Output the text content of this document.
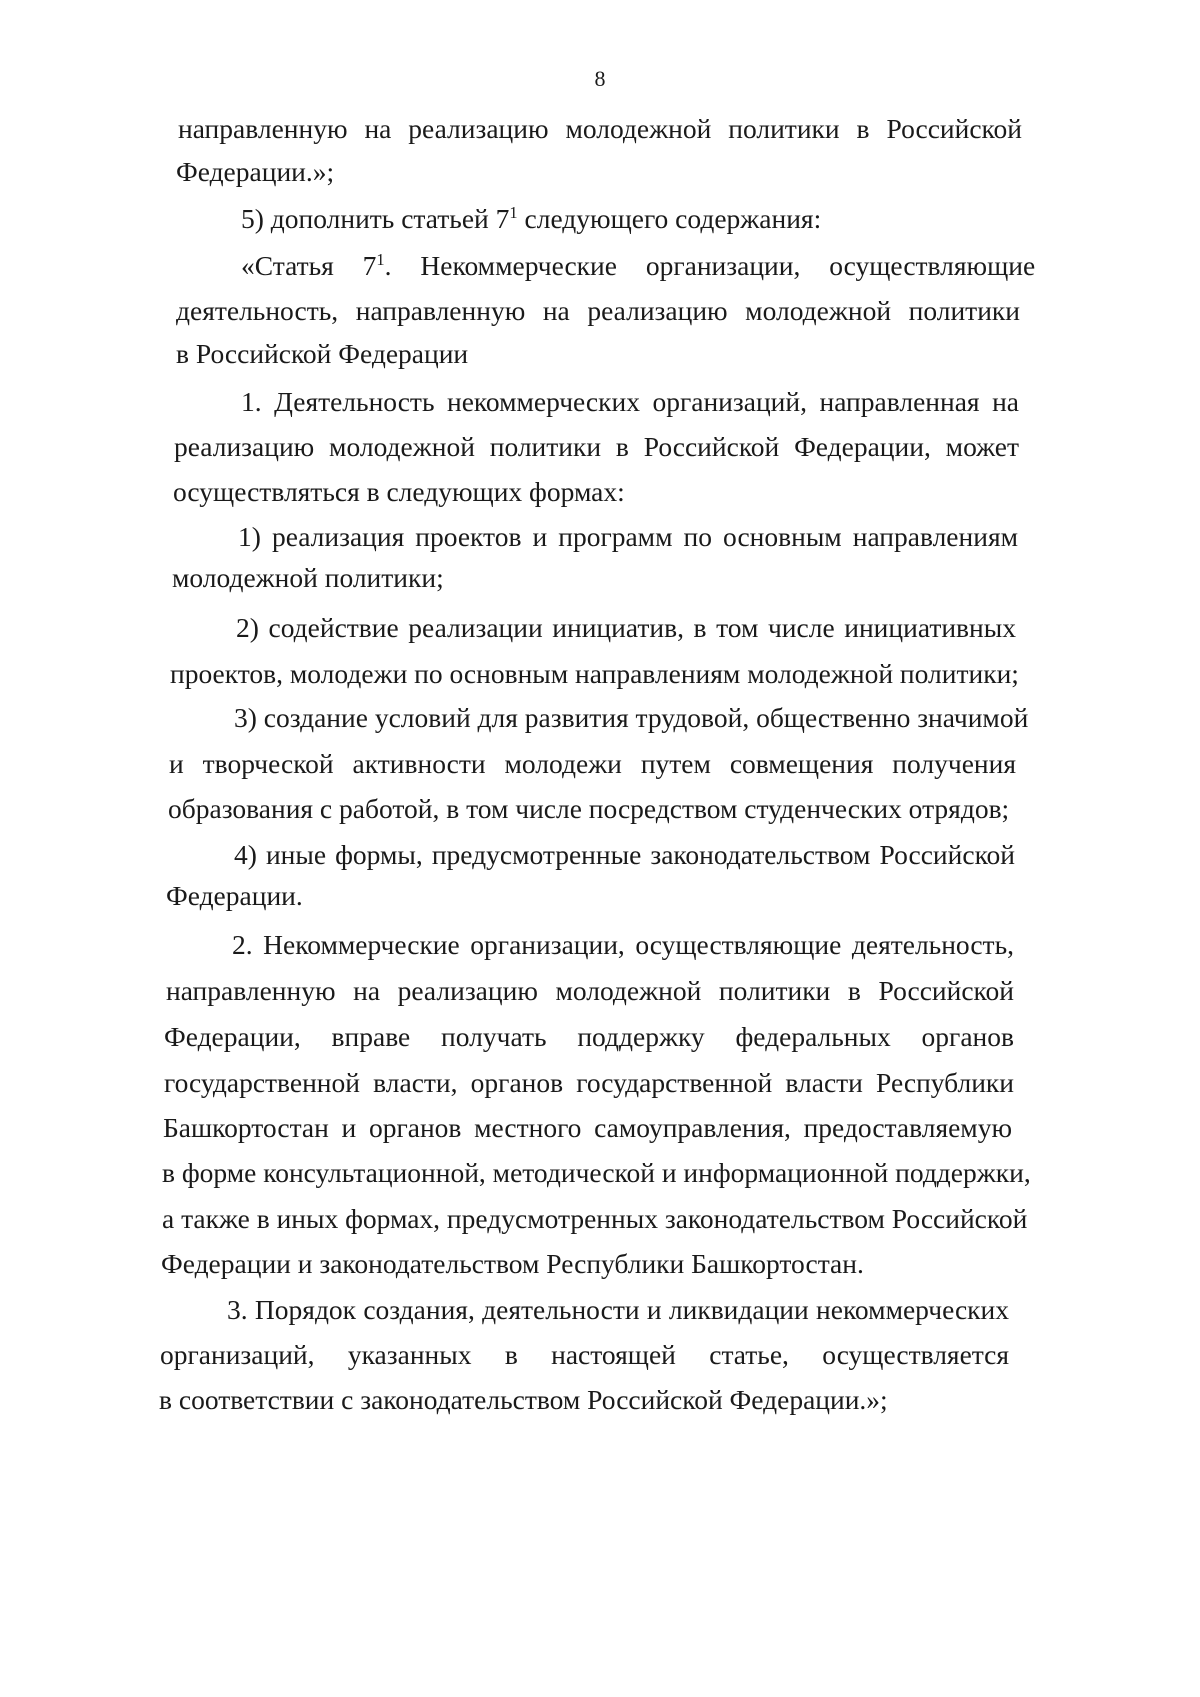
8
направленную на реализацию молодежной политики в Российской
Федерации.»;
5) дополнить статьей $7^1$ следующего содержания:
«Статья $7^1$. Некоммерческие организации, осуществляющие
деятельность, направленную на реализацию молодежной политики
в Российской Федерации
1. Деятельность некоммерческих организаций, направленная на
реализацию молодежной политики в Российской Федерации, может
осуществляться в следующих формах:
1) реализация проектов и программ по основным направлениям
молодежной политики;
2) содействие реализации инициатив, в том числе инициативных
проектов, молодежи по основным направлениям молодежной политики;
3) создание условий для развития трудовой, общественно значимой
и творческой активности молодежи путем совмещения получения
образования с работой, в том числе посредством студенческих отрядов;
4) иные формы, предусмотренные законодательством Российской
Федерации.
2. Некоммерческие организации, осуществляющие деятельность,
направленную на реализацию молодежной политики в Российской
Федерации, вправе получать поддержку федеральных органов
государственной власти, органов государственной власти Республики
Башкортостан и органов местного самоуправления, предоставляемую
в форме консультационной, методической и информационной поддержки,
а также в иных формах, предусмотренных законодательством Российской
Федерации и законодательством Республики Башкортостан.
3. Порядок создания, деятельности и ликвидации некоммерческих
организаций, указанных в настоящей статье, осуществляется
в соответствии с законодательством Российской Федерации.»;
